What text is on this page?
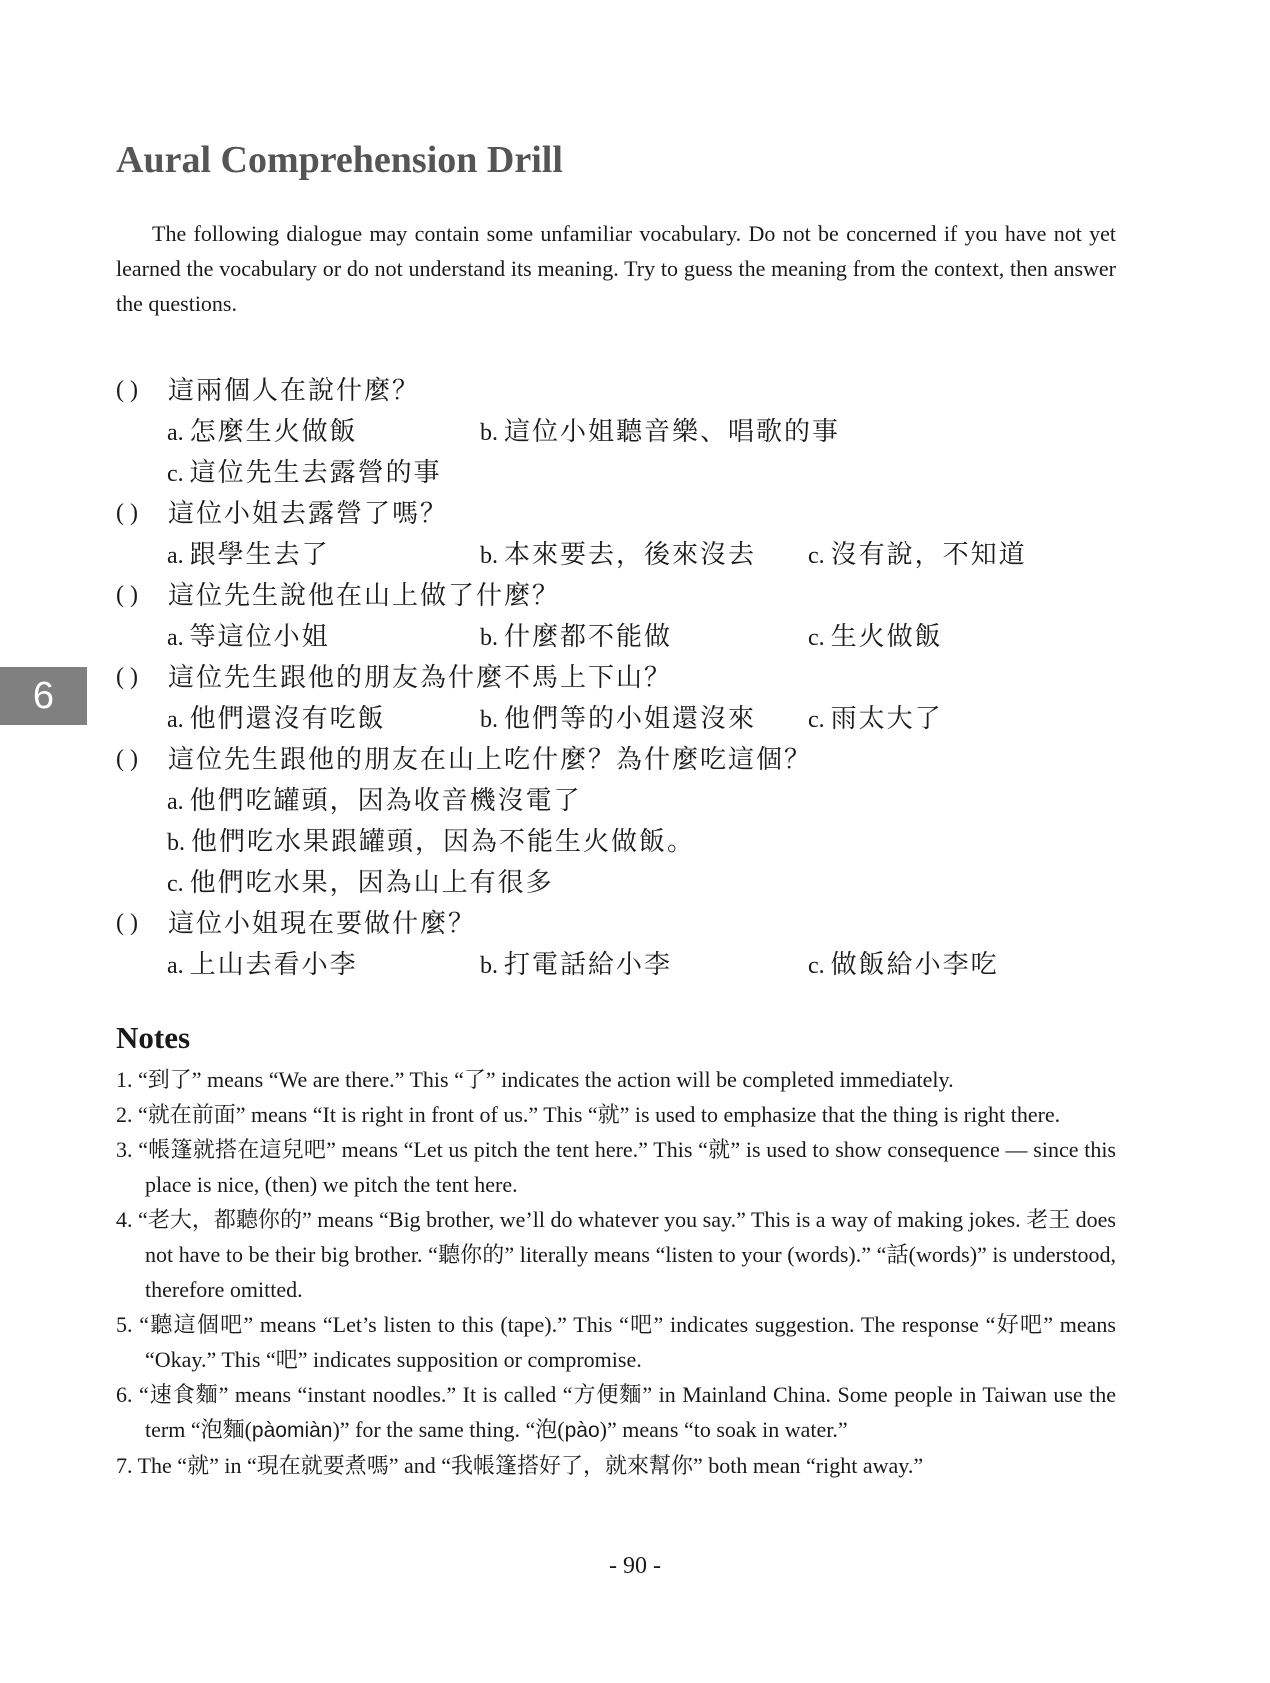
Aural Comprehension Drill
The following dialogue may contain some unfamiliar vocabulary. Do not be concerned if you have not yet learned the vocabulary or do not understand its meaning. Try to guess the meaning from the context, then answer the questions.
( )	這兩個人在說什麼？
a. 怎麼生火做飯	b. 這位小姐聽音樂、唱歌的事
c. 這位先生去露營的事
( )	這位小姐去露營了嗎？
a. 跟學生去了	b. 本來要去，後來沒去 c. 沒有說，不知道
( )	這位先生說他在山上做了什麼？
a. 等這位小姐	b. 什麼都不能做	c. 生火做飯
( )	這位先生跟他的朋友為什麼不馬上下山？
a. 他們還沒有吃飯	b. 他們等的小姐還沒來 c. 雨太大了
( )	這位先生跟他的朋友在山上吃什麼？為什麼吃這個？
a. 他們吃罐頭，因為收音機沒電了
b. 他們吃水果跟罐頭，因為不能生火做飯。
c. 他們吃水果，因為山上有很多
( )	這位小姐現在要做什麼？
a. 上山去看小李	b. 打電話給小李	c. 做飯給小李吃
Notes
1. “到了” means “We are there.” This “了” indicates the action will be completed immediately.
2. “就在前面” means “It is right in front of us.” This “就” is used to emphasize that the thing is right there.
3. “帳篷就搭在這兒吧” means “Let us pitch the tent here.” This “就” is used to show consequence — since this place is nice, (then) we pitch the tent here.
4. “老大，都聽你的” means “Big brother, we’ll do whatever you say.” This is a way of making jokes. 老王 does not have to be their big brother. “聽你的” literally means “listen to your (words).” “話(words)” is understood, therefore omitted.
5. “聽這個吧” means “Let’s listen to this (tape).” This “吧” indicates suggestion. The response “好吧” means “Okay.” This “吧” indicates supposition or compromise.
6. “速食麵” means “instant noodles.” It is called “方便麵” in Mainland China. Some people in Taiwan use the term “泡麵(pàomiàn)” for the same thing. “泡(pào)” means “to soak in water.”
7. The “就” in “現在就要煮嗎” and “我帳篷搭好了，就來幫你” both mean “right away.”
6
- 90 -
